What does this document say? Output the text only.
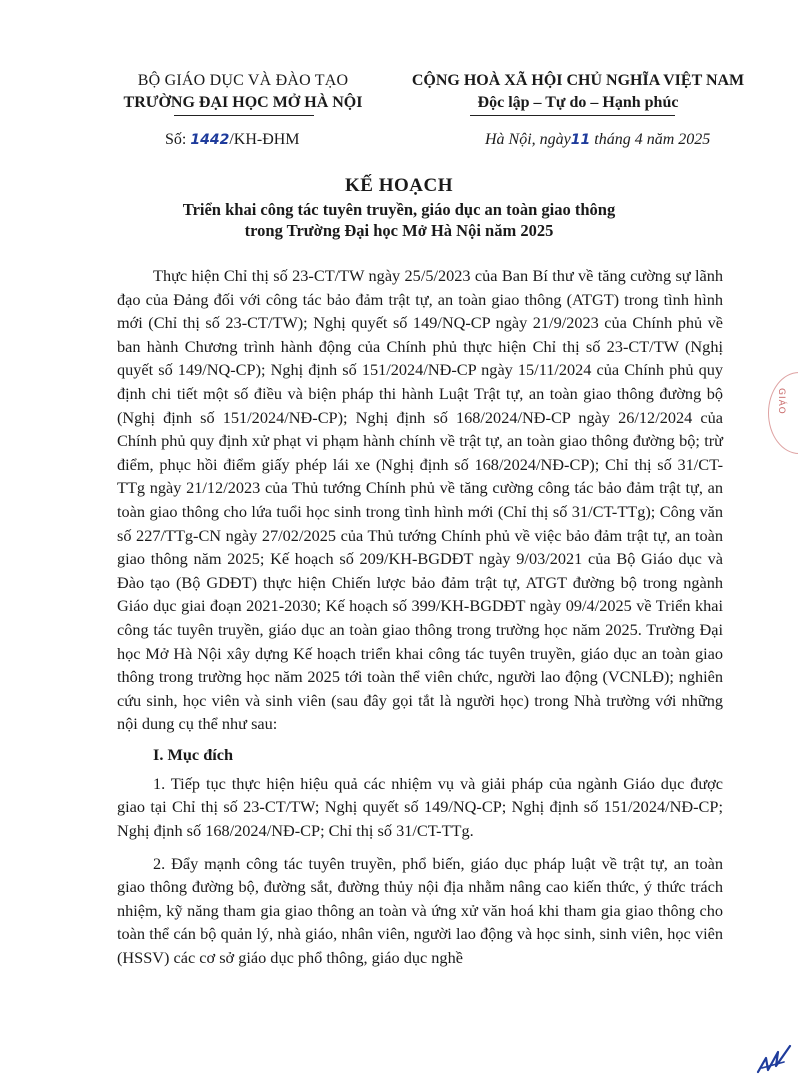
BỘ GIÁO DỤC VÀ ĐÀO TẠO
TRƯỜNG ĐẠI HỌC MỞ HÀ NỘI
CỘNG HOÀ XÃ HỘI CHỦ NGHĨA VIỆT NAM
Độc lập – Tự do – Hạnh phúc
Số: 1442/KH-ĐHM	Hà Nội, ngày11 tháng 4 năm 2025
KẾ HOẠCH
Triển khai công tác tuyên truyền, giáo dục an toàn giao thông
trong Trường Đại học Mở Hà Nội năm 2025

Thực hiện Chỉ thị số 23-CT/TW ngày 25/5/2023 của Ban Bí thư về tăng cường sự lãnh đạo của Đảng đối với công tác bảo đảm trật tự, an toàn giao thông (ATGT) trong tình hình mới (Chỉ thị số 23-CT/TW); Nghị quyết số 149/NQ-CP ngày 21/9/2023 của Chính phủ về ban hành Chương trình hành động của Chính phủ thực hiện Chỉ thị số 23-CT/TW (Nghị quyết số 149/NQ-CP); Nghị định số 151/2024/NĐ-CP ngày 15/11/2024 của Chính phủ quy định chi tiết một số điều và biện pháp thi hành Luật Trật tự, an toàn giao thông đường bộ (Nghị định số 151/2024/NĐ-CP); Nghị định số 168/2024/NĐ-CP ngày 26/12/2024 của Chính phủ quy định xử phạt vi phạm hành chính về trật tự, an toàn giao thông đường bộ; trừ điểm, phục hồi điểm giấy phép lái xe (Nghị định số 168/2024/NĐ-CP); Chỉ thị số 31/CT-TTg ngày 21/12/2023 của Thủ tướng Chính phủ về tăng cường công tác bảo đảm trật tự, an toàn giao thông cho lứa tuổi học sinh trong tình hình mới (Chỉ thị số 31/CT-TTg); Công văn số 227/TTg-CN ngày 27/02/2025 của Thủ tướng Chính phủ về việc bảo đảm trật tự, an toàn giao thông năm 2025; Kế hoạch số 209/KH-BGDĐT ngày 9/03/2021 của Bộ Giáo dục và Đào tạo (Bộ GDĐT) thực hiện Chiến lược bảo đảm trật tự, ATGT đường bộ trong ngành Giáo dục giai đoạn 2021-2030; Kế hoạch số 399/KH-BGDĐT ngày 09/4/2025 về Triển khai công tác tuyên truyền, giáo dục an toàn giao thông trong trường học năm 2025. Trường Đại học Mở Hà Nội xây dựng Kế hoạch triển khai công tác tuyên truyền, giáo dục an toàn giao thông trong trường học năm 2025 tới toàn thể viên chức, người lao động (VCNLĐ); nghiên cứu sinh, học viên và sinh viên (sau đây gọi tắt là người học) trong Nhà trường với những nội dung cụ thể như sau:

I. Mục đích

1. Tiếp tục thực hiện hiệu quả các nhiệm vụ và giải pháp của ngành Giáo dục được giao tại Chỉ thị số 23-CT/TW; Nghị quyết số 149/NQ-CP; Nghị định số 151/2024/NĐ-CP; Nghị định số 168/2024/NĐ-CP; Chỉ thị số 31/CT-TTg.

2. Đẩy mạnh công tác tuyên truyền, phổ biến, giáo dục pháp luật về trật tự, an toàn giao thông đường bộ, đường sắt, đường thủy nội địa nhằm nâng cao kiến thức, ý thức trách nhiệm, kỹ năng tham gia giao thông an toàn và ứng xử văn hoá khi tham gia giao thông cho toàn thể cán bộ quản lý, nhà giáo, nhân viên, người lao động và học sinh, sinh viên, học viên (HSSV) các cơ sở giáo dục phổ thông, giáo dục nghề

GIÁO
